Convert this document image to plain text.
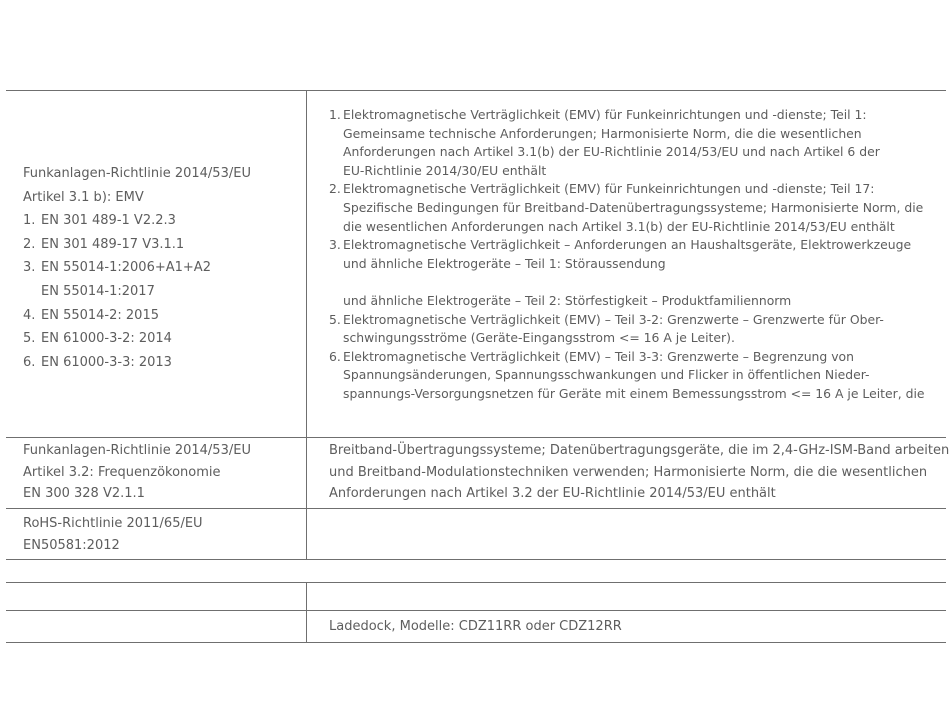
Funkanlagen-Richtlinie 2014/53/EU
Artikel 3.1 b): EMV
1. EN 301 489-1 V2.2.3
2. EN 301 489-17 V3.1.1
3. EN 55014-1:2006+A1+A2
EN 55014-1:2017
4. EN 55014-2: 2015
5. EN 61000-3-2: 2014
6. EN 61000-3-3: 2013
1. Elektromagnetische Verträglichkeit (EMV) für Funkeinrichtungen und -dienste; Teil 1:
Gemeinsame technische Anforderungen; Harmonisierte Norm, die die wesentlichen
Anforderungen nach Artikel 3.1(b) der EU-Richtlinie 2014/53/EU und nach Artikel 6 der
EU-Richtlinie 2014/30/EU enthält
2. Elektromagnetische Verträglichkeit (EMV) für Funkeinrichtungen und -dienste; Teil 17:
Spezifische Bedingungen für Breitband-Datenübertragungssysteme; Harmonisierte Norm, die
die wesentlichen Anforderungen nach Artikel 3.1(b) der EU-Richtlinie 2014/53/EU enthält
3. Elektromagnetische Verträglichkeit – Anforderungen an Haushaltsgeräte, Elektrowerkzeuge
und ähnliche Elektrogeräte – Teil 1: Störaussendung
und ähnliche Elektrogeräte – Teil 2: Störfestigkeit – Produktfamiliennorm
5. Elektromagnetische Verträglichkeit (EMV) – Teil 3-2: Grenzwerte – Grenzwerte für Ober-
schwingungsströme (Geräte-Eingangsstrom <= 16 A je Leiter).
6. Elektromagnetische Verträglichkeit (EMV) – Teil 3-3: Grenzwerte – Begrenzung von
Spannungsänderungen, Spannungsschwankungen und Flicker in öffentlichen Nieder-
spannungs-Versorgungsnetzen für Geräte mit einem Bemessungsstrom <= 16 A je Leiter, die
Funkanlagen-Richtlinie 2014/53/EU
Artikel 3.2: Frequenzökonomie
EN 300 328 V2.1.1
Breitband-Übertragungssysteme; Datenübertragungsgeräte, die im 2,4-GHz-ISM-Band arbeiten
und Breitband-Modulationstechniken verwenden; Harmonisierte Norm, die die wesentlichen
Anforderungen nach Artikel 3.2 der EU-Richtlinie 2014/53/EU enthält
RoHS-Richtlinie 2011/65/EU
EN50581:2012
Ladedock, Modelle: CDZ11RR oder CDZ12RR
